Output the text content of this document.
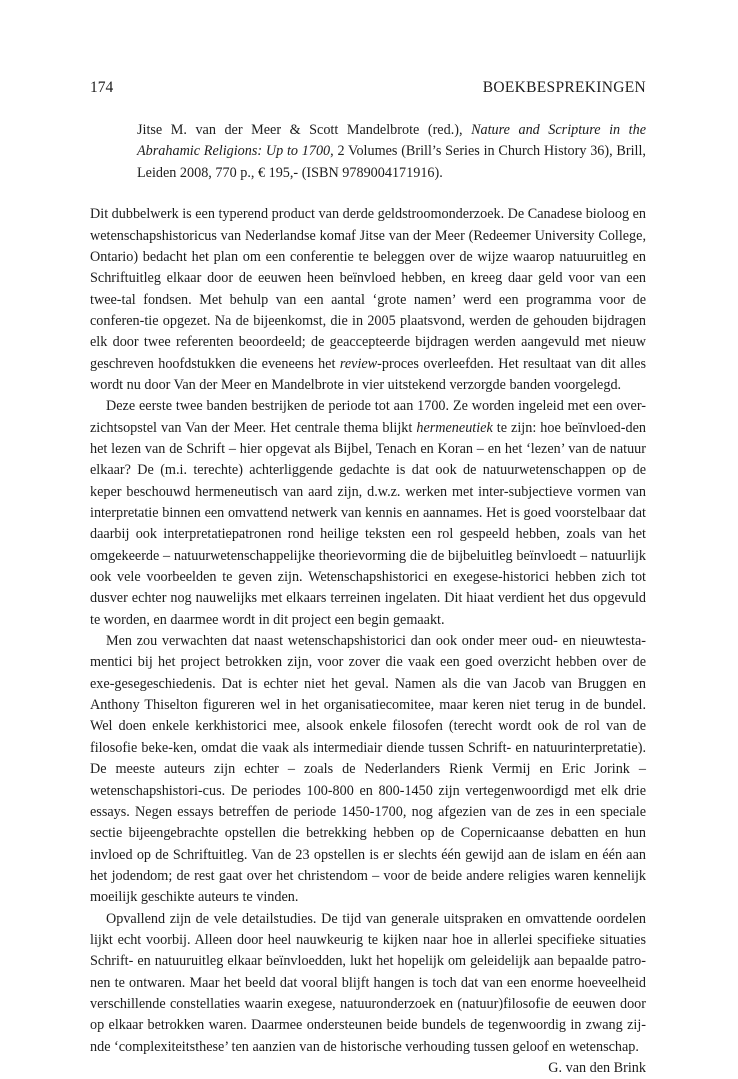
174	BOEKBESPREKINGEN
Jitse M. van der Meer & Scott Mandelbrote (red.), Nature and Scripture in the Abrahamic Religions: Up to 1700, 2 Volumes (Brill’s Series in Church History 36), Brill, Leiden 2008, 770 p., € 195,- (ISBN 9789004171916).

Dit dubbelwerk is een typerend product van derde geldstroomonderzoek. De Canadese bioloog en wetenschapshistoricus van Nederlandse komaf Jitse van der Meer (Redeemer University College, Ontario) bedacht het plan om een conferentie te beleggen over de wijze waarop natuuruitleg en Schriftuitleg elkaar door de eeuwen heen beïnvloed hebben, en kreeg daar geld voor van een twee-tal fondsen. Met behulp van een aantal ‘grote namen’ werd een programma voor de conferen-tie opgezet. Na de bijeenkomst, die in 2005 plaatsvond, werden de gehouden bijdragen elk door twee referenten beoordeeld; de geaccepteerde bijdragen werden aangevuld met nieuw geschreven hoofdstukken die eveneens het review-proces overleefden. Het resultaat van dit alles wordt nu door Van der Meer en Mandelbrote in vier uitstekend verzorgde banden voorgelegd.

Deze eerste twee banden bestrijken de periode tot aan 1700. Ze worden ingeleid met een over-zichtsopstel van Van der Meer. Het centrale thema blijkt hermeneutiek te zijn: hoe beïnvloed-den het lezen van de Schrift – hier opgevat als Bijbel, Tenach en Koran – en het ‘lezen’ van de natuur elkaar? De (m.i. terechte) achterliggende gedachte is dat ook de natuurwetenschappen op de keper beschouwd hermeneutisch van aard zijn, d.w.z. werken met inter-subjectieve vormen van interpretatie binnen een omvattend netwerk van kennis en aannames. Het is goed voorstelbaar dat daarbij ook interpretatiepatronen rond heilige teksten een rol gespeeld hebben, zoals van het omgekeerde – natuurwetenschappelijke theorievorming die de bijbeluitleg beïnvloedt – natuurlijk ook vele voorbeelden te geven zijn. Wetenschapshistorici en exegese-historici hebben zich tot dusver echter nog nauwelijks met elkaars terreinen ingelaten. Dit hiaat verdient het dus opgevuld te worden, en daarmee wordt in dit project een begin gemaakt.

Men zou verwachten dat naast wetenschapshistorici dan ook onder meer oud- en nieuwtesta-mentici bij het project betrokken zijn, voor zover die vaak een goed overzicht hebben over de exe-gesegeschiedenis. Dat is echter niet het geval. Namen als die van Jacob van Bruggen en Anthony Thiselton figureren wel in het organisatiecomitee, maar keren niet terug in de bundel. Wel doen enkele kerkhistorici mee, alsook enkele filosofen (terecht wordt ook de rol van de filosofie beke-ken, omdat die vaak als intermediair diende tussen Schrift- en natuurinterpretatie). De meeste auteurs zijn echter – zoals de Nederlanders Rienk Vermij en Eric Jorink – wetenschapshistori-cus. De periodes 100-800 en 800-1450 zijn vertegenwoordigd met elk drie essays. Negen essays betreffen de periode 1450-1700, nog afgezien van de zes in een speciale sectie bijeengebrachte opstellen die betrekking hebben op de Copernicaanse debatten en hun invloed op de Schriftuitleg. Van de 23 opstellen is er slechts één gewijd aan de islam en één aan het jodendom; de rest gaat over het christendom – voor de beide andere religies waren kennelijk moeilijk geschikte auteurs te vinden.

Opvallend zijn de vele detailstudies. De tijd van generale uitspraken en omvattende oordelen lijkt echt voorbij. Alleen door heel nauwkeurig te kijken naar hoe in allerlei specifieke situaties Schrift- en natuuruitleg elkaar beïnvloedden, lukt het hopelijk om geleidelijk aan bepaalde patro-nen te ontwaren. Maar het beeld dat vooral blijft hangen is toch dat van een enorme hoeveelheid verschillende constellaties waarin exegese, natuuronderzoek en (natuur)filosofie de eeuwen door op elkaar betrokken waren. Daarmee ondersteunen beide bundels de tegenwoordig in zwang zij-nde ‘complexiteitsthese’ ten aanzien van de historische verhouding tussen geloof en wetenschap.

G. van den Brink
